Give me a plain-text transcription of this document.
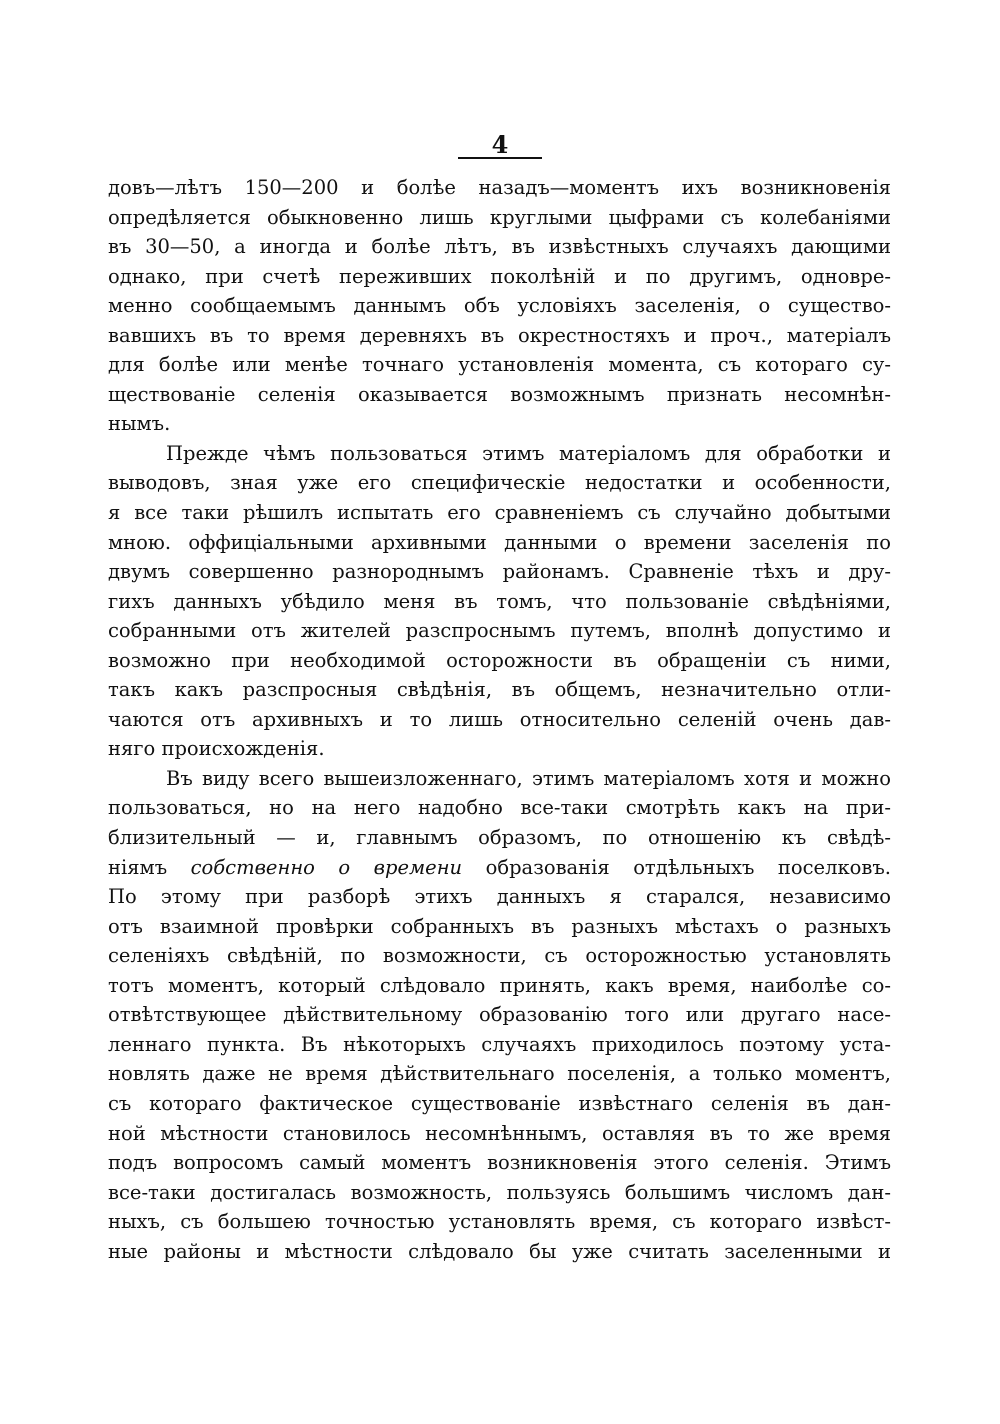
4
довъ—лѣтъ 150—200 и болѣе назадъ—моментъ ихъ возникновенія
опредѣляется обыкновенно лишь круглыми цыфрами съ колебаніями
въ 30—50, а иногда и болѣе лѣтъ, въ извѣстныхъ случаяхъ дающими
однако, при счетѣ переживших поколѣній и по другимъ, одновре-
менно сообщаемымъ даннымъ объ условіяхъ заселенія, о существо-
вавшихъ въ то время деревняхъ въ окрестностяхъ и проч., матеріалъ
для болѣе или менѣе точнаго установленія момента, съ котораго су-
ществованіе селенія оказывается возможнымъ признать несомнѣн-
нымъ.
Прежде чѣмъ пользоваться этимъ матеріаломъ для обработки и
выводовъ, зная уже его специфическіе недостатки и особенности,
я все таки рѣшилъ испытать его сравненіемъ съ случайно добытыми
мною. оффиціальными архивными данными о времени заселенія по
двумъ совершенно разнороднымъ районамъ. Сравненіе тѣхъ и дру-
гихъ данныхъ убѣдило меня въ томъ, что пользованіе свѣдѣніями,
собранными отъ жителей разспроснымъ путемъ, вполнѣ допустимо и
возможно при необходимой осторожности въ обращеніи съ ними,
такъ какъ разспросныя свѣдѣнія, въ общемъ, незначительно отли-
чаются отъ архивныхъ и то лишь относительно селеній очень дав-
няго происхожденія.
Въ виду всего вышеизложеннаго, этимъ матеріаломъ хотя и можно
пользоваться, но на него надобно все-таки смотрѣть какъ на при-
близительный — и, главнымъ образомъ, по отношенію къ свѣдѣ-
ніямъ собственно о времени образованія отдѣльныхъ поселковъ.
По этому при разборѣ этихъ данныхъ я старался, независимо
отъ взаимной провѣрки собранныхъ въ разныхъ мѣстахъ о разныхъ
селеніяхъ свѣдѣній, по возможности, съ осторожностью установлять
тотъ моментъ, который слѣдовало принять, какъ время, наиболѣе со-
отвѣтствующее дѣйствительному образованію того или другаго насе-
леннаго пункта. Въ нѣкоторыхъ случаяхъ приходилось поэтому уста-
новлять даже не время дѣйствительнаго поселенія, а только моментъ,
съ котораго фактическое существованіе извѣстнаго селенія въ дан-
ной мѣстности становилось несомнѣннымъ, оставляя въ то же время
подъ вопросомъ самый моментъ возникновенія этого селенія. Этимъ
все-таки достигалась возможность, пользуясь большимъ числомъ дан-
ныхъ, съ большею точностью установлять время, съ котораго извѣст-
ные районы и мѣстности слѣдовало бы уже считать заселенными и
